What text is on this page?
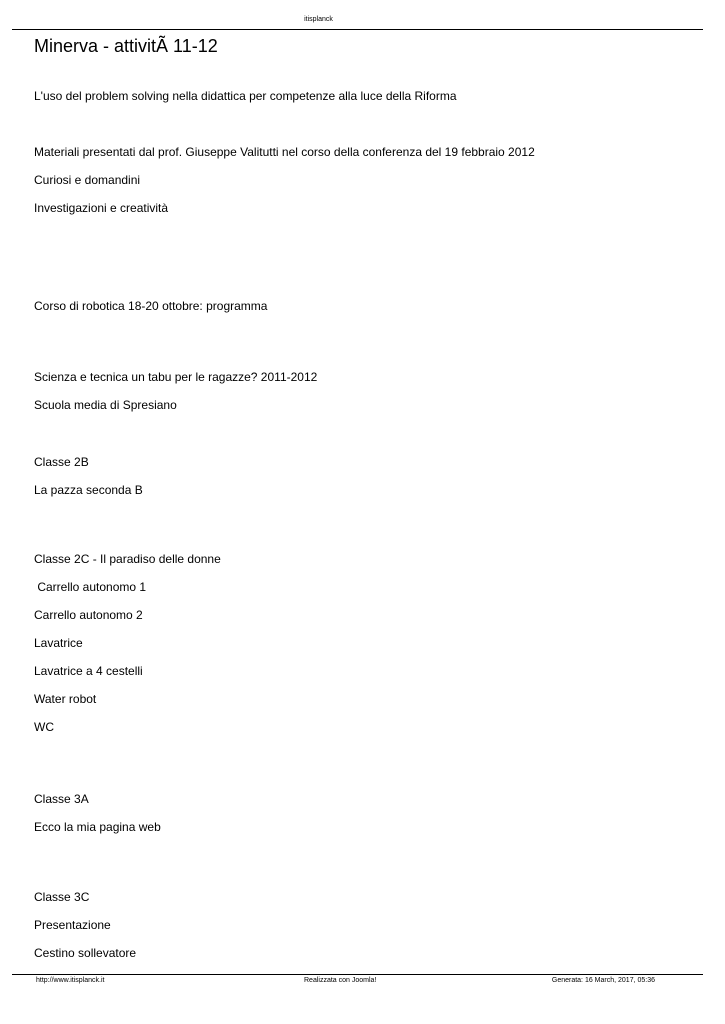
itisplanck
Minerva - attivitÃ 11-12
L'uso del problem solving nella didattica per competenze alla luce della Riforma
Materiali presentati dal prof. Giuseppe Valitutti nel corso della conferenza del 19 febbraio 2012
Curiosi e domandini
Investigazioni e creatività
Corso di robotica 18-20 ottobre: programma
Scienza e tecnica un tabu per le ragazze? 2011-2012
Scuola media di Spresiano
Classe 2B
La pazza seconda B
Classe 2C - Il paradiso delle donne
Carrello autonomo 1
Carrello autonomo 2
Lavatrice
Lavatrice a 4 cestelli
Water robot
WC
Classe 3A
Ecco la mia pagina web
Classe 3C
Presentazione
Cestino sollevatore
http://www.itisplanck.it	Realizzata con Joomla!	Generata: 16 March, 2017, 05:36
